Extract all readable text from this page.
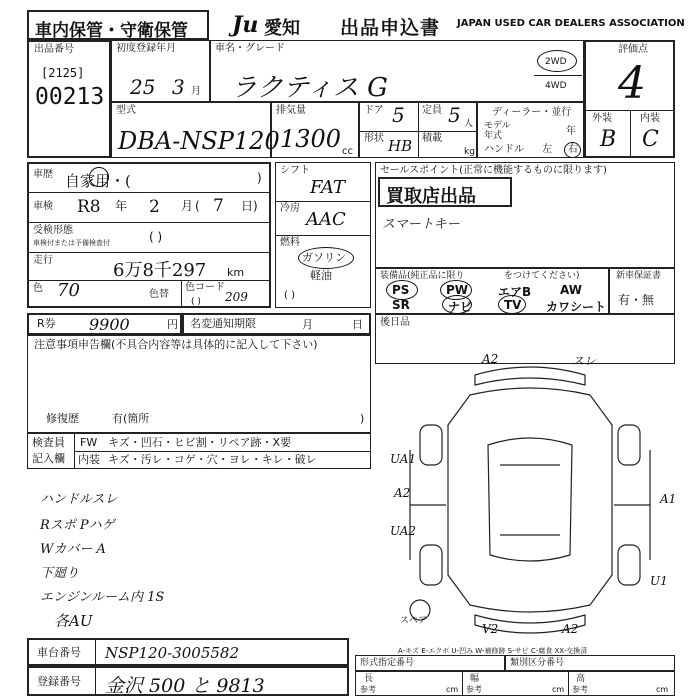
車内保管・守衛保管 Ju 愛知 出品申込書 JAPAN USED CAR DEALERS ASSOCIATION
出品番号
[2125]
00213
初度登録年月
25 3 月
車名・グレード
ラクティス G
2WD
4WD
評価点
4
外装	内装
B C
型式
DBA-NSP120
排気量
1300 cc
ドア 5 定員 5 人
形状 HB 積載
kg
ディーラー・並行
モデル
年式	年
ハンドル 左 右
車歴 自家用・(	)
車検 R8 年 2 月 ( 7 日)
受検形態
車検付または予備検査付	( )
走行	6万8千297 km
色 70	色替
色コード
209
( )
シフト
FAT
冷房
AAC
燃料
ガソリン
軽油
( )
セールスポイント(正常に機能するものに限ります)
買取店出品
スマートキー
装備品(純正品に限り	をつけてください)
PS	PW エアB AW
SR	ナビ	TV カワシート
新車保証書
有・無
R券 9900	円 名変通知期限	月	日
注意事項申告欄(不具合内容等は具体的に記入して下さい)
修復歴	有(箇所	)
後日品
検査員
記入欄
FW キズ・凹石・ヒビ割・リペア跡・X要
内装 キズ・汚レ・コゲ・穴・ヨレ・キレ・破レ
ハンドルスレ
Rスポ Pハゲ
Wカバー A
下廻り
エンジンルーム内 1S
各AU
A2	スレ
UA1
A2
UA2
A1
U1
スペア
V2	A2
A-キズ E-エクボ U-凹み W-補修跡 S-サビ C-腐食 XX-交換済
車台番号 NSP120-3005582
登録番号 金沢 500 と 9813
形式指定番号	類別区分番号
長
参考	cm
幅
参考	cm
高
参考	cm
